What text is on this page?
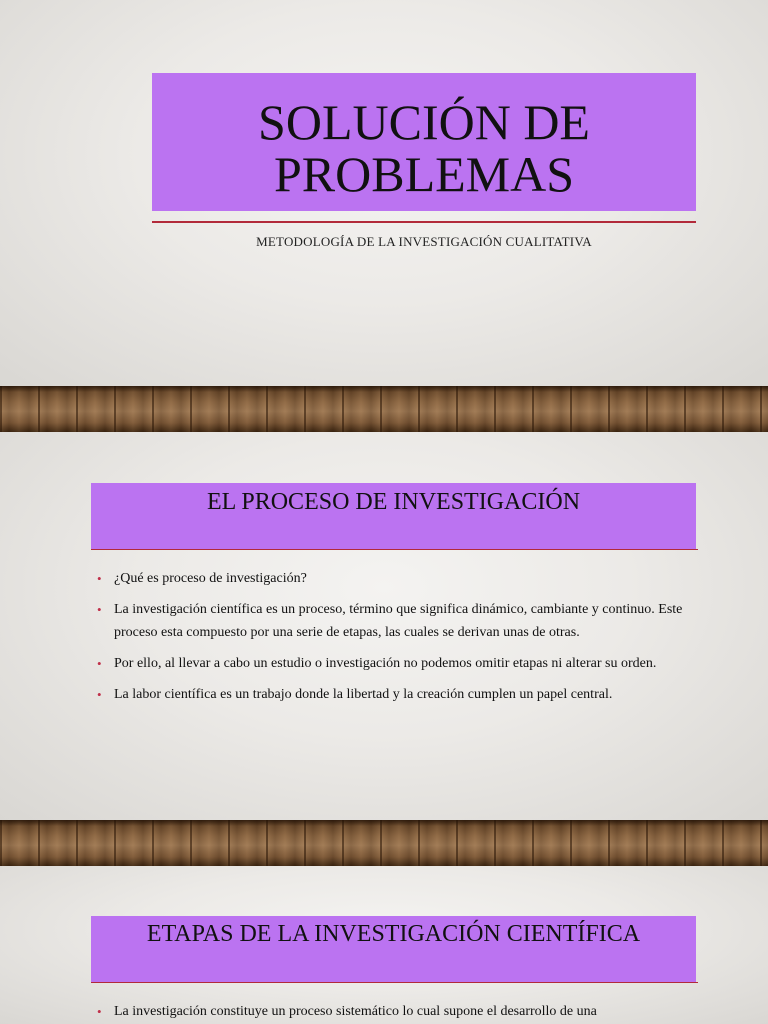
SOLUCIÓN DE
PROBLEMAS
METODOLOGÍA DE LA INVESTIGACIÓN CUALITATIVA
EL PROCESO DE INVESTIGACIÓN
• ¿Qué es proceso de investigación?
• La investigación científica es un proceso, término que significa dinámico, cambiante y continuo. Este proceso esta compuesto por una serie de etapas, las cuales se derivan unas de otras.
• Por ello, al llevar a cabo un estudio o investigación no podemos omitir etapas ni alterar su orden.
• La labor científica es un trabajo donde la libertad y la creación cumplen un papel central.
ETAPAS DE LA INVESTIGACIÓN CIENTÍFICA
• La investigación constituye un proceso sistemático lo cual supone el desarrollo de una
